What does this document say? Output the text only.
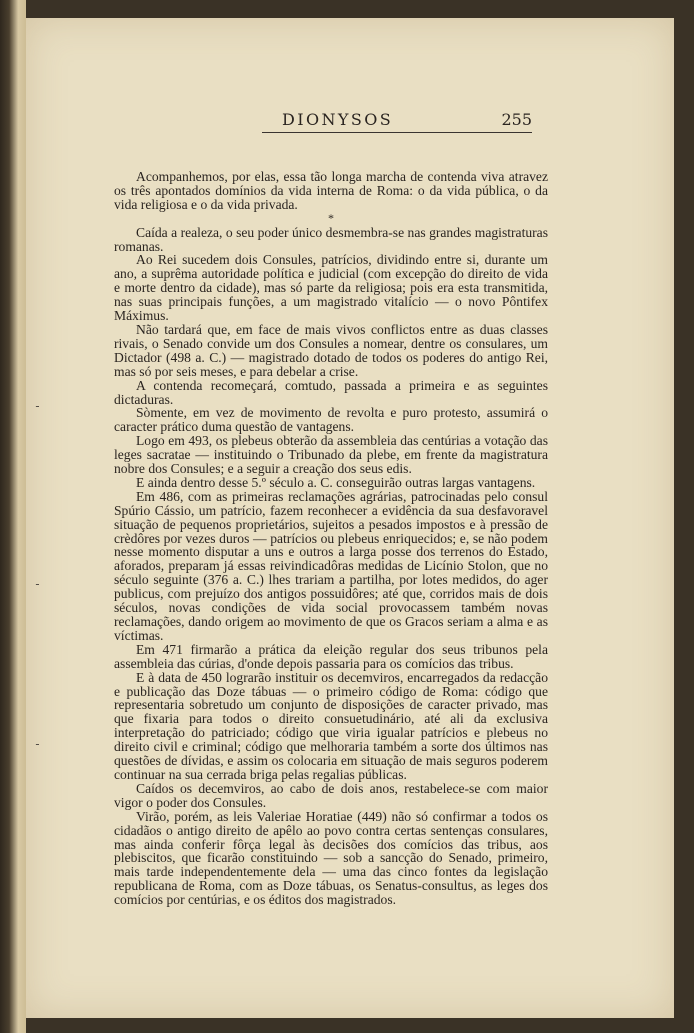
DIONYSOS	255

Acompanhemos, por elas, essa tão longa marcha de contenda viva atravez os três apontados domínios da vida interna de Roma: o da vida pública, o da vida religiosa e o da vida privada.

*

Caída a realeza, o seu poder único desmembra-se nas grandes magistraturas romanas.

Ao Rei sucedem dois Consules, patrícios, dividindo entre si, durante um ano, a suprêma autoridade política e judicial (com excepção do direito de vida e morte dentro da cidade), mas só parte da religiosa; pois era esta transmitida, nas suas principais funções, a um magistrado vitalício — o novo Pôntifex Máximus.

Não tardará que, em face de mais vivos conflictos entre as duas classes rivais, o Senado convide um dos Consules a nomear, dentre os consulares, um Dictador (498 a. C.) — magistrado dotado de todos os poderes do antigo Rei, mas só por seis meses, e para debelar a crise.

A contenda recomeçará, comtudo, passada a primeira e as seguintes dictaduras.

Sòmente, em vez de movimento de revolta e puro protesto, assumirá o caracter prático duma questão de vantagens.

Logo em 493, os plebeus obterão da assembleia das centúrias a votação das leges sacratae — instituindo o Tribunado da plebe, em frente da magistratura nobre dos Consules; e a seguir a creação dos seus edis.

E ainda dentro desse 5.º século a. C. conseguirão outras largas vantagens.

Em 486, com as primeiras reclamações agrárias, patrocinadas pelo consul Spúrio Cássio, um patrício, fazem reconhecer a evidência da sua desfavoravel situação de pequenos proprietários, sujeitos a pesados impostos e à pressão de crèdôres por vezes duros — patrícios ou plebeus enriquecidos; e, se não podem nesse momento disputar a uns e outros a larga posse dos terrenos do Estado, aforados, preparam já essas reivindicadôras medidas de Licínio Stolon, que no século seguinte (376 a. C.) lhes trariam a partilha, por lotes medidos, do ager publicus, com prejuízo dos antigos possuidôres; até que, corridos mais de dois séculos, novas condições de vida social provocassem também novas reclamações, dando origem ao movimento de que os Gracos seriam a alma e as víctimas.

Em 471 firmarão a prática da eleição regular dos seus tribunos pela assembleia das cúrias, d'onde depois passaria para os comícios das tribus.

E à data de 450 lograrão instituir os decemviros, encarregados da redacção e publicação das Doze tábuas — o primeiro código de Roma: código que representaria sobretudo um conjunto de disposições de caracter privado, mas que fixaria para todos o direito consuetudinário, até ali da exclusiva interpretação do patriciado; código que viria igualar patrícios e plebeus no direito civil e criminal; código que melhoraria também a sorte dos últimos nas questões de dívidas, e assim os colocaria em situação de mais seguros poderem continuar na sua cerrada briga pelas regalias públicas.

Caídos os decemviros, ao cabo de dois anos, restabelece-se com maior vigor o poder dos Consules.

Virão, porém, as leis Valeriae Horatiae (449) não só confirmar a todos os cidadãos o antigo direito de apêlo ao povo contra certas sentenças consulares, mas ainda conferir fôrça legal às decisões dos comícios das tribus, aos plebiscitos, que ficarão constituindo — sob a sancção do Senado, primeiro, mais tarde independentemente dela — uma das cinco fontes da legislação republicana de Roma, com as Doze tábuas, os Senatus-consultus, as leges dos comícios por centúrias, e os éditos dos magistrados.

╴
╴
╴
